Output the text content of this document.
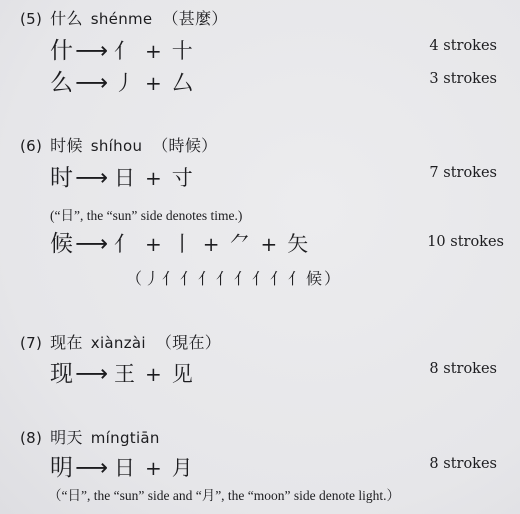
(5) 什么 shénme （甚麼）
什⟶ 亻 + 十	4 strokes
么⟶ 丿 + 厶	3 strokes
(6) 时候 shíhou （時候）
时⟶ 日 + 寸	7 strokes
(“日”, the “sun” side denotes time.)
候⟶ 亻 + 丨 + ⺈ + 矢	10 strokes
（丿亻亻亻亻亻亻亻亻候）
(7) 现在 xiànzài （現在）
现⟶ 王 + 见	8 strokes
(8) 明天 míngtiān
明⟶ 日 + 月	8 strokes
（“日”, the “sun” side and “月”, the “moon” side denote light.）
